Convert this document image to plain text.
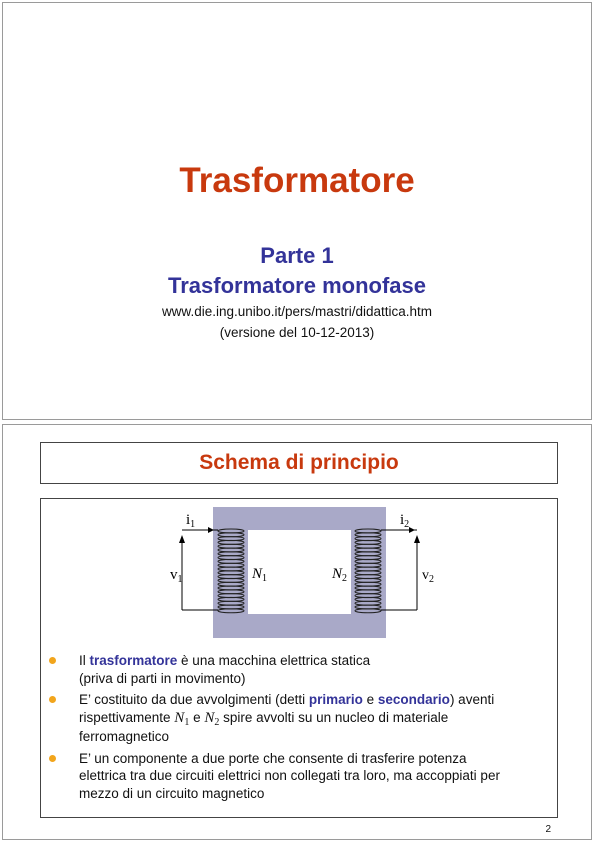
Trasformatore
Parte 1
Trasformatore monofase
www.die.ing.unibo.it/pers/mastri/didattica.htm
(versione del 10-12-2013)
Schema di principio
$i_1$	$i_2$
$v_1$	$v_2$
$N_1$	$N_2$
Il trasformatore è una macchina elettrica statica
(priva di parti in movimento)
E’ costituito da due avvolgimenti (detti primario e secondario) aventi
rispettivamente $N_1$ e $N_2$ spire avvolti su un nucleo di materiale
ferromagnetico
E’ un componente a due porte che consente di trasferire potenza
elettrica tra due circuiti elettrici non collegati tra loro, ma accoppiati per
mezzo di un circuito magnetico
2
